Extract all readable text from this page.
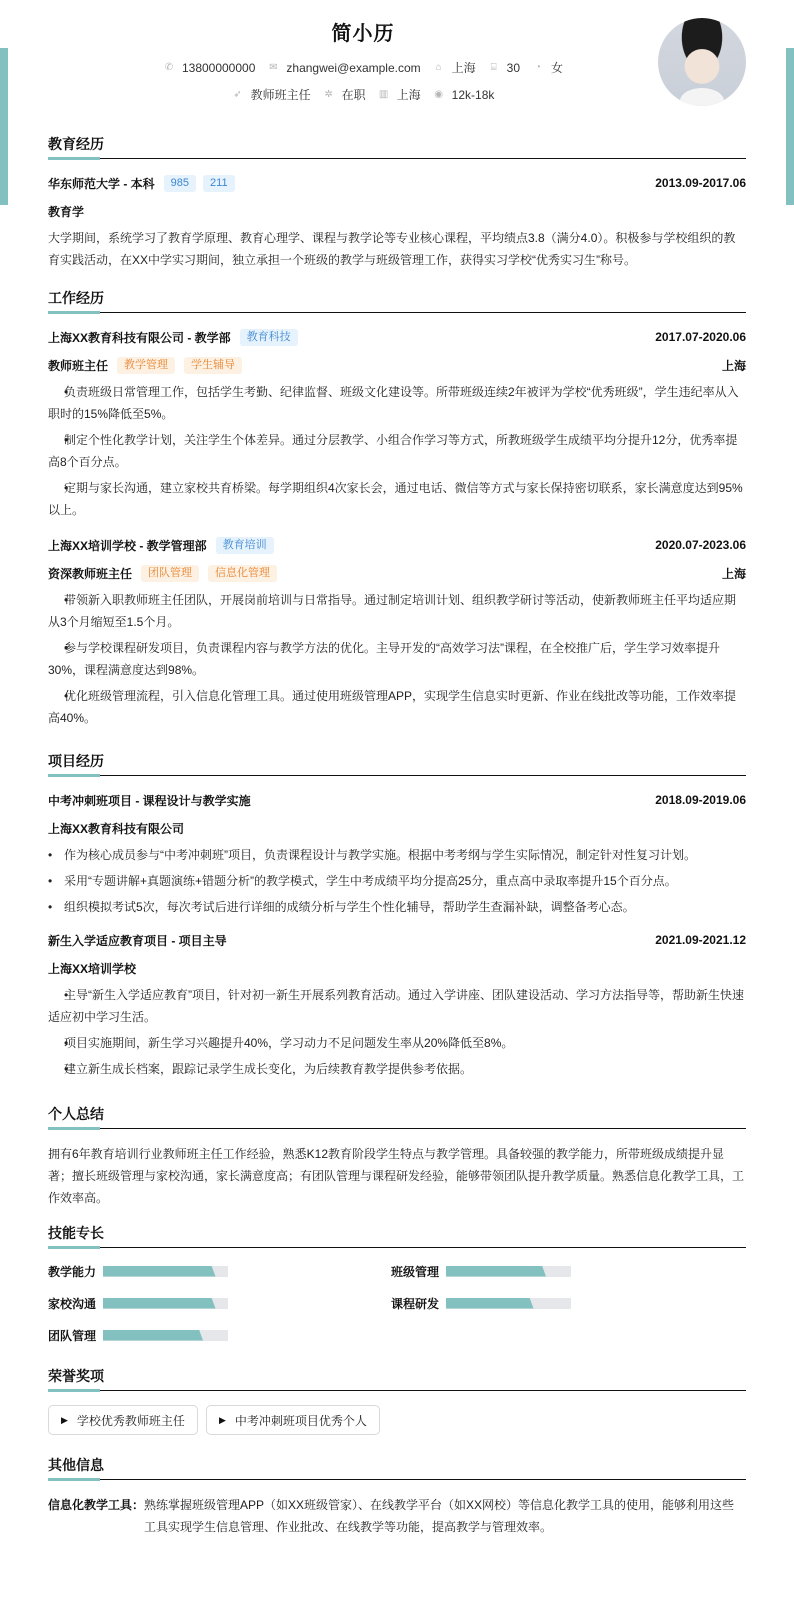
简小历
✆ 13800000000 ✉ zhangwei@example.com ⌂ 上海	⌸ 30 ◔ 女
➶ 教师班主任 ✲ 在职 ▥ 上海 ◉ 12k-18k
教育经历
华东师范大学 - 本科	985	211	2013.09-2017.06
教育学
大学期间，系统学习了教育学原理、教育心理学、课程与教学论等专业核心课程，平均绩点3.8（满分4.0）。积极参与学校组织的教育实践活动，在XX中学实习期间，独立承担一个班级的教学与班级管理工作，获得实习学校“优秀实习生”称号。
工作经历
上海XX教育科技有限公司 - 教学部	教育科技	2017.07-2020.06
教师班主任	教学管理	学生辅导	上海
• 负责班级日常管理工作，包括学生考勤、纪律监督、班级文化建设等。所带班级连续2年被评为学校“优秀班级”，学生违纪率从入职时的15%降低至5%。
• 制定个性化教学计划，关注学生个体差异。通过分层教学、小组合作学习等方式，所教班级学生成绩平均分提升12分，优秀率提高8个百分点。
• 定期与家长沟通，建立家校共育桥梁。每学期组织4次家长会，通过电话、微信等方式与家长保持密切联系，家长满意度达到95%以上。
上海XX培训学校 - 教学管理部	教育培训	2020.07-2023.06
资深教师班主任	团队管理	信息化管理	上海
• 带领新入职教师班主任团队，开展岗前培训与日常指导。通过制定培训计划、组织教学研讨等活动，使新教师班主任平均适应期从3个月缩短至1.5个月。
• 参与学校课程研发项目，负责课程内容与教学方法的优化。主导开发的“高效学习法”课程，在全校推广后，学生学习效率提升30%，课程满意度达到98%。
• 优化班级管理流程，引入信息化管理工具。通过使用班级管理APP，实现学生信息实时更新、作业在线批改等功能，工作效率提高40%。
项目经历
中考冲刺班项目 - 课程设计与教学实施	2018.09-2019.06
上海XX教育科技有限公司
• 作为核心成员参与“中考冲刺班”项目，负责课程设计与教学实施。根据中考考纲与学生实际情况，制定针对性复习计划。
• 采用“专题讲解+真题演练+错题分析”的教学模式，学生中考成绩平均分提高25分，重点高中录取率提升15个百分点。
• 组织模拟考试5次，每次考试后进行详细的成绩分析与学生个性化辅导，帮助学生查漏补缺，调整备考心态。
新生入学适应教育项目 - 项目主导	2021.09-2021.12
上海XX培训学校
• 主导“新生入学适应教育”项目，针对初一新生开展系列教育活动。通过入学讲座、团队建设活动、学习方法指导等，帮助新生快速适应初中学习生活。
• 项目实施期间，新生学习兴趣提升40%，学习动力不足问题发生率从20%降低至8%。
• 建立新生成长档案，跟踪记录学生成长变化，为后续教育教学提供参考依据。
个人总结
拥有6年教育培训行业教师班主任工作经验，熟悉K12教育阶段学生特点与教学管理。具备较强的教学能力，所带班级成绩提升显著；擅长班级管理与家校沟通，家长满意度高；有团队管理与课程研发经验，能够带领团队提升教学质量。熟悉信息化教学工具，工作效率高。
技能专长
教学能力	班级管理
家校沟通	课程研发
团队管理
荣誉奖项
▶ 学校优秀教师班主任	▶ 中考冲刺班项目优秀个人
其他信息
信息化教学工具： 熟练掌握班级管理APP（如XX班级管家）、在线教学平台（如XX网校）等信息化教学工具的使用，能够利用这些工具实现学生信息管理、作业批改、在线教学等功能，提高教学与管理效率。
